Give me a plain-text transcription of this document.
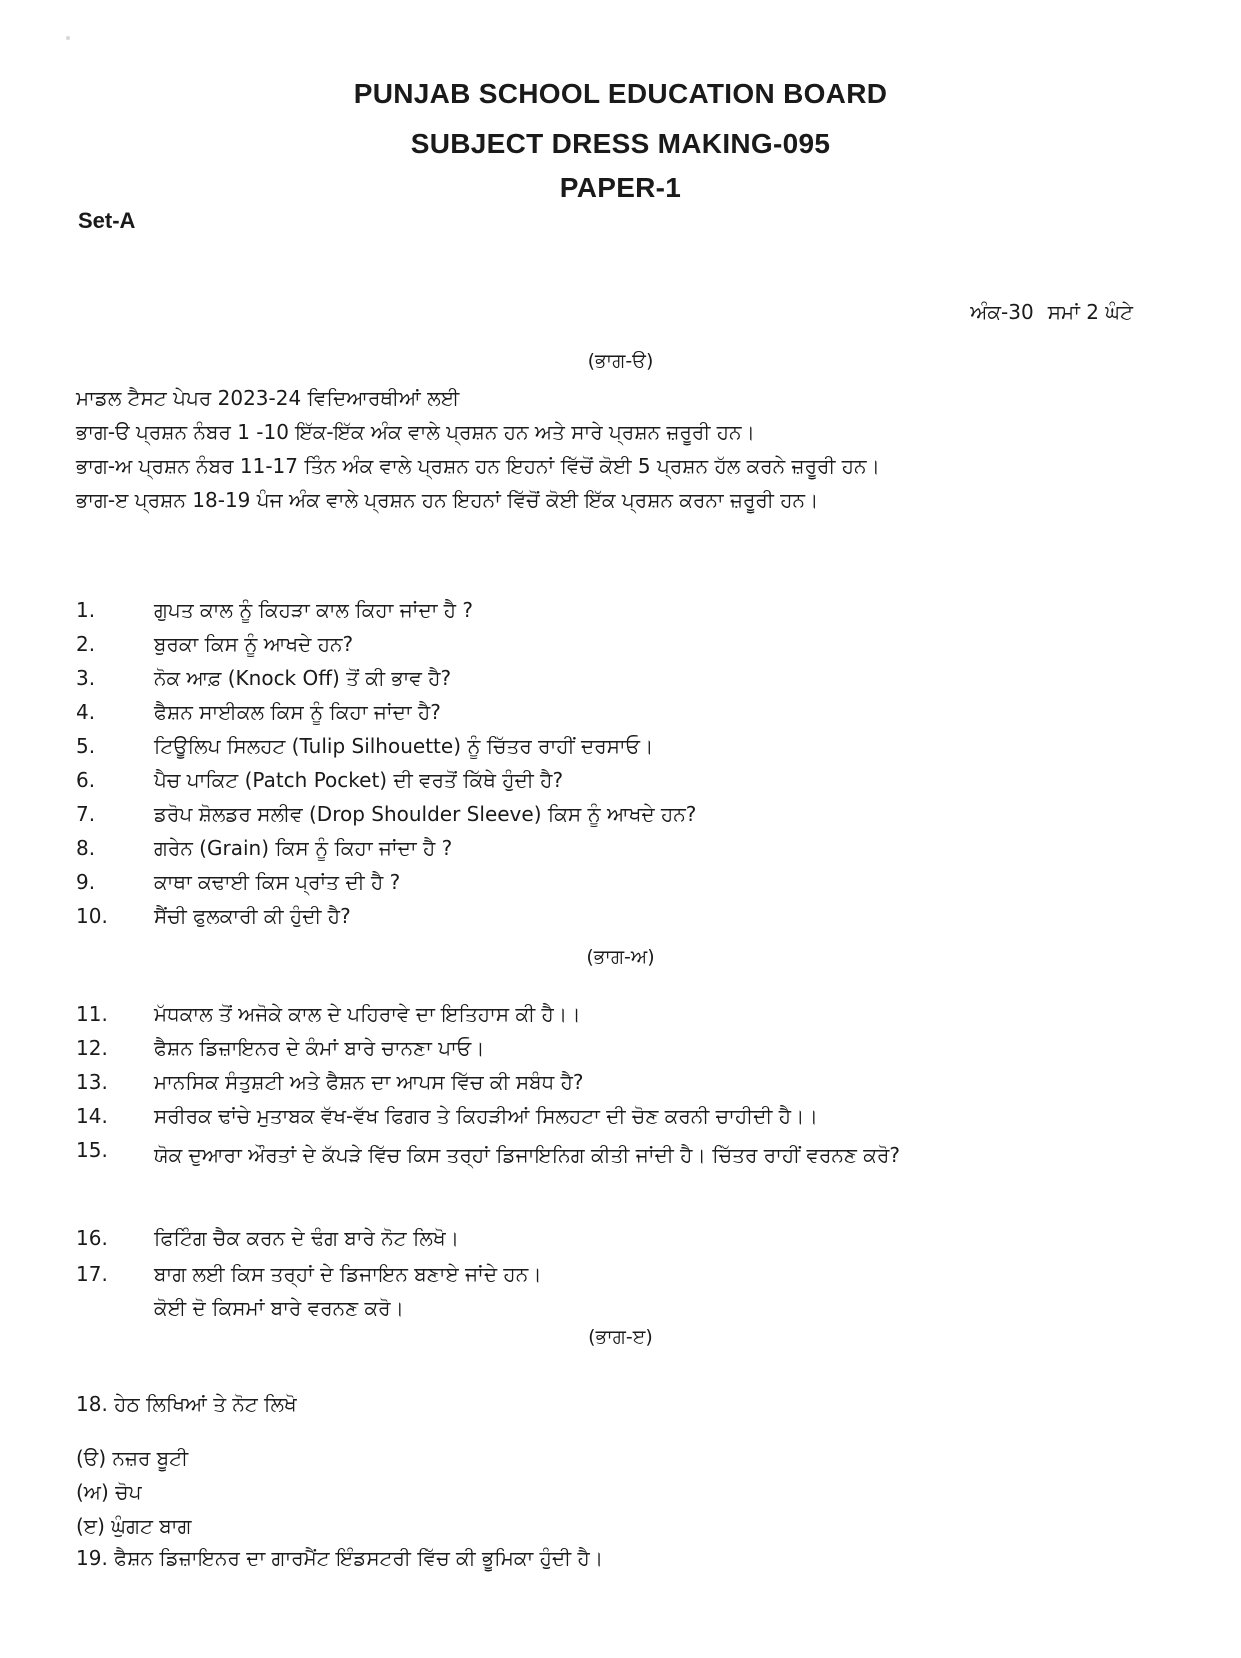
PUNJAB SCHOOL EDUCATION BOARD
SUBJECT DRESS MAKING-095
PAPER-1
Set-A
ਅੰਕ-30 ਸਮਾਂ 2 ਘੰਟੇ
(ਭਾਗ-ੳ)
ਮਾਡਲ ਟੈਸਟ ਪੇਪਰ 2023-24 ਵਿਦਿਆਰਥੀਆਂ ਲਈ
ਭਾਗ-ੳ ਪ੍ਰਸ਼ਨ ਨੰਬਰ 1 -10 ਇੱਕ-ਇੱਕ ਅੰਕ ਵਾਲੇ ਪ੍ਰਸ਼ਨ ਹਨ ਅਤੇ ਸਾਰੇ ਪ੍ਰਸ਼ਨ ਜ਼ਰੂਰੀ ਹਨ।
ਭਾਗ-ਅ ਪ੍ਰਸ਼ਨ ਨੰਬਰ 11-17 ਤਿੰਨ ਅੰਕ ਵਾਲੇ ਪ੍ਰਸ਼ਨ ਹਨ ਇਹਨਾਂ ਵਿੱਚੋਂ ਕੋਈ 5 ਪ੍ਰਸ਼ਨ ਹੱਲ ਕਰਨੇ ਜ਼ਰੂਰੀ ਹਨ।
ਭਾਗ-ੲ ਪ੍ਰਸ਼ਨ 18-19 ਪੰਜ ਅੰਕ ਵਾਲੇ ਪ੍ਰਸ਼ਨ ਹਨ ਇਹਨਾਂ ਵਿੱਚੋਂ ਕੋਈ ਇੱਕ ਪ੍ਰਸ਼ਨ ਕਰਨਾ ਜ਼ਰੂਰੀ ਹਨ।
1.	ਗੁਪਤ ਕਾਲ ਨੂੰ ਕਿਹੜਾ ਕਾਲ ਕਿਹਾ ਜਾਂਦਾ ਹੈ ?
2.	ਬੁਰਕਾ ਕਿਸ ਨੂੰ ਆਖਦੇ ਹਨ?
3.	ਨੋਕ ਆਫ਼ (Knock Off) ਤੋਂ ਕੀ ਭਾਵ ਹੈ?
4.	ਫੈਸ਼ਨ ਸਾਈਕਲ ਕਿਸ ਨੂੰ ਕਿਹਾ ਜਾਂਦਾ ਹੈ?
5.	ਟਿਊਲਿਪ ਸਿਲਹਟ (Tulip Silhouette) ਨੂੰ ਚਿੱਤਰ ਰਾਹੀਂ ਦਰਸਾਓ।
6.	ਪੈਚ ਪਾਕਿਟ (Patch Pocket) ਦੀ ਵਰਤੋਂ ਕਿੱਥੇ ਹੁੰਦੀ ਹੈ?
7.	ਡਰੋਪ ਸ਼ੋਲਡਰ ਸਲੀਵ (Drop Shoulder Sleeve) ਕਿਸ ਨੂੰ ਆਖਦੇ ਹਨ?
8.	ਗਰੇਨ (Grain) ਕਿਸ ਨੂੰ ਕਿਹਾ ਜਾਂਦਾ ਹੈ ?
9.	ਕਾਥਾ ਕਢਾਈ ਕਿਸ ਪ੍ਰਾਂਤ ਦੀ ਹੈ ?
10. ਸੈਂਚੀ ਫੁਲਕਾਰੀ ਕੀ ਹੁੰਦੀ ਹੈ?
(ਭਾਗ-ਅ)
11. ਮੱਧਕਾਲ ਤੋਂ ਅਜੋਕੇ ਕਾਲ ਦੇ ਪਹਿਰਾਵੇ ਦਾ ਇਤਿਹਾਸ ਕੀ ਹੈ।।
12. ਫੈਸ਼ਨ ਡਿਜ਼ਾਇਨਰ ਦੇ ਕੰਮਾਂ ਬਾਰੇ ਚਾਨਣਾ ਪਾਓ।
13. ਮਾਨਸਿਕ ਸੰਤੁਸ਼ਟੀ ਅਤੇ ਫੈਸ਼ਨ ਦਾ ਆਪਸ ਵਿੱਚ ਕੀ ਸਬੰਧ ਹੈ?
14. ਸਰੀਰਕ ਢਾਂਚੇ ਮੁਤਾਬਕ ਵੱਖ-ਵੱਖ ਫਿਗਰ ਤੇ ਕਿਹੜੀਆਂ ਸਿਲਹਟਾ ਦੀ ਚੋਣ ਕਰਨੀ ਚਾਹੀਦੀ ਹੈ।।
15. ਯੋਕ ਦੁਆਰਾ ਔਰਤਾਂ ਦੇ ਕੱਪੜੇ ਵਿੱਚ ਕਿਸ ਤਰ੍ਹਾਂ ਡਿਜਾਇਨਿਗ ਕੀਤੀ ਜਾਂਦੀ ਹੈ। ਚਿੱਤਰ ਰਾਹੀਂ ਵਰਨਣ ਕਰੋ?
16. ਫਿਟਿੰਗ ਚੈਕ ਕਰਨ ਦੇ ਢੰਗ ਬਾਰੇ ਨੋਟ ਲਿਖੋ।
17. ਬਾਗ ਲਈ ਕਿਸ ਤਰ੍ਹਾਂ ਦੇ ਡਿਜਾਇਨ ਬਣਾਏ ਜਾਂਦੇ ਹਨ।
ਕੋਈ ਦੋ ਕਿਸਮਾਂ ਬਾਰੇ ਵਰਨਣ ਕਰੋ।
(ਭਾਗ-ੲ)
18. ਹੇਠ ਲਿਖਿਆਂ ਤੇ ਨੋਟ ਲਿਖੋ
(ੳ) ਨਜ਼ਰ ਬੂਟੀ
(ਅ) ਚੋਪ
(ੲ) ਘੁੰਗਟ ਬਾਗ
19. ਫੈਸ਼ਨ ਡਿਜ਼ਾਇਨਰ ਦਾ ਗਾਰਮੈਂਟ ਇੰਡਸਟਰੀ ਵਿੱਚ ਕੀ ਭੂਮਿਕਾ ਹੁੰਦੀ ਹੈ।
